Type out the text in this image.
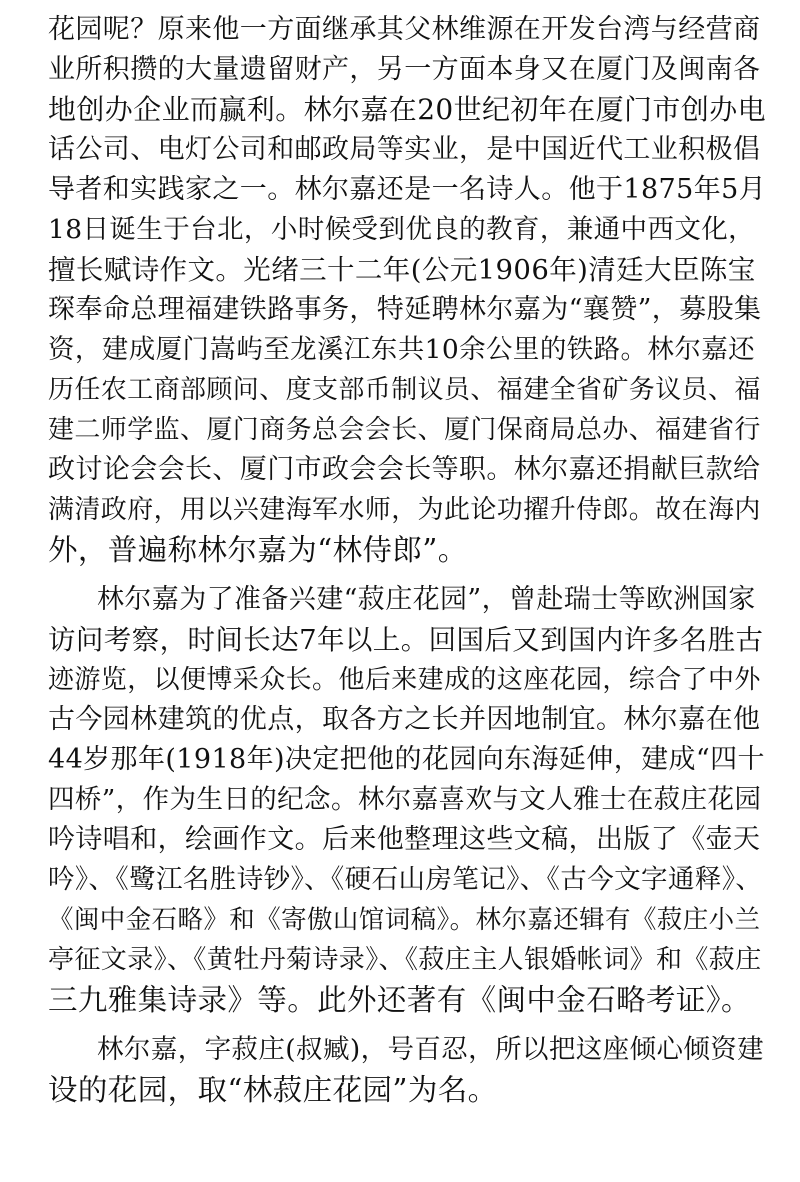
花园呢？原来他一方面继承其父林维源在开发台湾与经营商

业所积攒的大量遗留财产，另一方面本身又在厦门及闽南各

地创办企业而赢利。林尔嘉在20世纪初年在厦门市创办电

话公司、电灯公司和邮政局等实业，是中国近代工业积极倡

导者和实践家之一。林尔嘉还是一名诗人。他于1875年5月

18日诞生于台北，小时候受到优良的教育，兼通中西文化，

擅长赋诗作文。光绪三十二年(公元1906年)清廷大臣陈宝

琛奉命总理福建铁路事务，特延聘林尔嘉为“襄赞”，募股集

资，建成厦门嵩屿至龙溪江东共10余公里的铁路。林尔嘉还

历任农工商部顾问、度支部币制议员、福建全省矿务议员、福

建二师学监、厦门商务总会会长、厦门保商局总办、福建省行

政讨论会会长、厦门市政会会长等职。林尔嘉还捐献巨款给

满清政府，用以兴建海军水师，为此论功擢升侍郎。故在海内

外，普遍称林尔嘉为“林侍郎”。

林尔嘉为了准备兴建“菽庄花园”，曾赴瑞士等欧洲国家

访问考察，时间长达7年以上。回国后又到国内许多名胜古

迹游览，以便博采众长。他后来建成的这座花园，综合了中外

古今园林建筑的优点，取各方之长并因地制宜。林尔嘉在他

44岁那年(1918年)决定把他的花园向东海延伸，建成“四十

四桥”，作为生日的纪念。林尔嘉喜欢与文人雅士在菽庄花园

吟诗唱和，绘画作文。后来他整理这些文稿，出版了《壶天

吟》、《鹭江名胜诗钞》、《硬石山房笔记》、《古今文字通释》、

《闽中金石略》和《寄傲山馆词稿》。林尔嘉还辑有《菽庄小兰

亭征文录》、《黄牡丹菊诗录》、《菽庄主人银婚帐词》和《菽庄

三九雅集诗录》等。此外还著有《闽中金石略考证》。

林尔嘉，字菽庄(叔臧)，号百忍，所以把这座倾心倾资建

设的花园，取“林菽庄花园”为名。
